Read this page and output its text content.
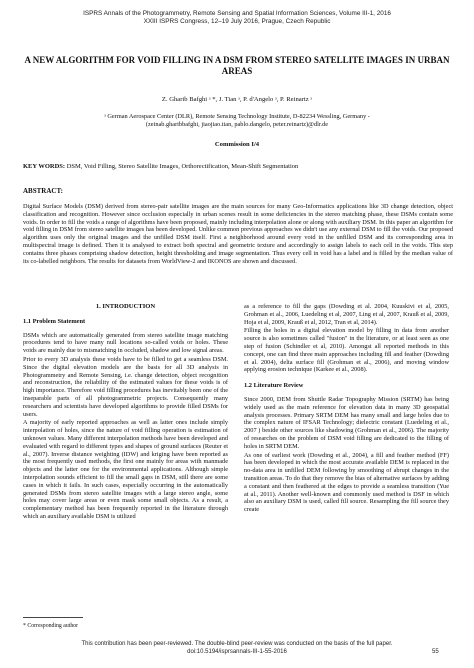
ISPRS Annals of the Photogrammetry, Remote Sensing and Spatial Information Sciences, Volume III-1, 2016
XXIII ISPRS Congress, 12–19 July 2016, Prague, Czech Republic
A NEW ALGORITHM FOR VOID FILLING IN A DSM FROM STEREO SATELLITE IMAGES IN URBAN AREAS
Z. Gharib Bafghi ᵃ *, J. Tian ᵃ, P. d'Angelo ᵃ, P. Reinartz ᵃ
ᵃ German Aerospace Center (DLR), Remote Sensing Technology Institute, D-82234 Wessling, Germany -
(zeinab.gharibbafghi, jiaojiao.tian, pablo.dangelo, peter.reinartz)@dlr.de
Commission I/4
KEY WORDS: DSM, Void Filling, Stereo Satellite Images, Orthorectification, Mean-Shift Segmentation
ABSTRACT:

Digital Surface Models (DSM) derived from stereo-pair satellite images are the main sources for many Geo-Informatics applications like 3D change detection, object classification and recognition. However since occlusion especially in urban scenes result in some deficiencies in the stereo matching phase, these DSMs contain some voids. In order to fill the voids a range of algorithms have been proposed, mainly including interpolation alone or along with auxiliary DSM. In this paper an algorithm for void filling in DSM from stereo satellite images has been developed. Unlike common previous approaches we didn't use any external DSM to fill the voids. Our proposed algorithm uses only the original images and the unfilled DSM itself. First a neighborhood around every void in the unfilled DSM and its corresponding area in multispectral image is defined. Then it is analysed to extract both spectral and geometric texture and accordingly to assign labels to each cell in the voids. This step contains three phases comprising shadow detection, height thresholding and image segmentation. Thus every cell in void has a label and is filled by the median value of its co-labelled neighbors. The results for datasets from WorldView-2 and IKONOS are shown and discussed.

1. INTRODUCTION
1.1 Problem Statement

DSMs which are automatically generated from stereo satellite image matching procedures tend to have many null locations so-called voids or holes. These voids are mainly due to mismatching in occluded, shadow and low signal areas.

Prior to every 3D analysis these voids have to be filled to get a seamless DSM. Since the digital elevation models are the basis for all 3D analysis in Photogrammetry and Remote Sensing, i.e. change detection, object recognition and reconstruction, the reliability of the estimated values for these voids is of high importance. Therefore void filling procedures has inevitably been one of the inseparable parts of all photogrammetric projects. Consequently many researchers and scientists have developed algorithms to provide filled DSMs for users.

A majority of early reported approaches as well as latter ones include simply interpolation of holes, since the nature of void filling operation is estimation of unknown values. Many different interpolation methods have been developed and evaluated with regard to different types and shapes of ground surfaces (Reuter et al., 2007). Inverse distance weighting (IDW) and kriging have been reported as the most frequently used methods, the first one mainly for areas with manmade objects and the latter one for the environmental applications. Although simple interpolation sounds efficient to fill the small gaps in DSM, still there are some cases in which it fails. In such cases, especially occurring in the automatically generated DSMs from stereo satellite images with a large stereo angle, some holes may cover large areas or even mask some small objects. As a result, a complementary method has been frequently reported in the literature through which an auxiliary available DSM is utilized

as a reference to fill the gaps (Dowding et al. 2004, Kuuskivi et al, 2005, Grohman et al., 2006, Luedeling et al, 2007, Ling et al, 2007, Krauß et al, 2009, Hoja et al, 2009, Krauß et al, 2012, Tran et al, 2014).

Filling the holes in a digital elevation model by filling in data from another source is also sometimes called "fusion" in the literature, or at least seen as one step of fusion (Schindler et al, 2010). Amongst all reported methods in this concept, one can find three main approaches including fill and feather (Dowding et al. 2004), delta surface fill (Grohman et al., 2006), and moving window applying erosion technique (Karkee et al., 2008).

1.2 Literature Review

Since 2000, DEM from Shuttle Radar Topography Mission (SRTM) has being widely used as the main reference for elevation data in many 3D geospatial analysis processes. Primary SRTM DEM has many small and large holes due to the complex nature of IFSAR Technology; dielectric constant (Luedeling et al., 2007 ) beside other sources like shadowing (Grohman et al., 2006). The majority of researches on the problem of DSM void filling are dedicated to the filling of holes in SRTM DEM.

As one of earliest work (Dowding et al., 2004), a fill and feather method (FF) has been developed in which the most accurate available DEM is replaced in the no-data area in unfilled DEM following by smoothing of abrupt changes in the transition areas. To do that they remove the bias of alternative surfaces by adding a constant and then feathered at the edges to provide a seamless transition (Yue at al., 2011). Another well-known and commonly used method is DSF in which also an auxiliary DSM is used, called fill source. Resampling the fill source they create

* Corresponding author
This contribution has been peer-reviewed. The double-blind peer-review was conducted on the basis of the full paper.
doi:10.5194/isprsannals-III-1-55-2016	55
